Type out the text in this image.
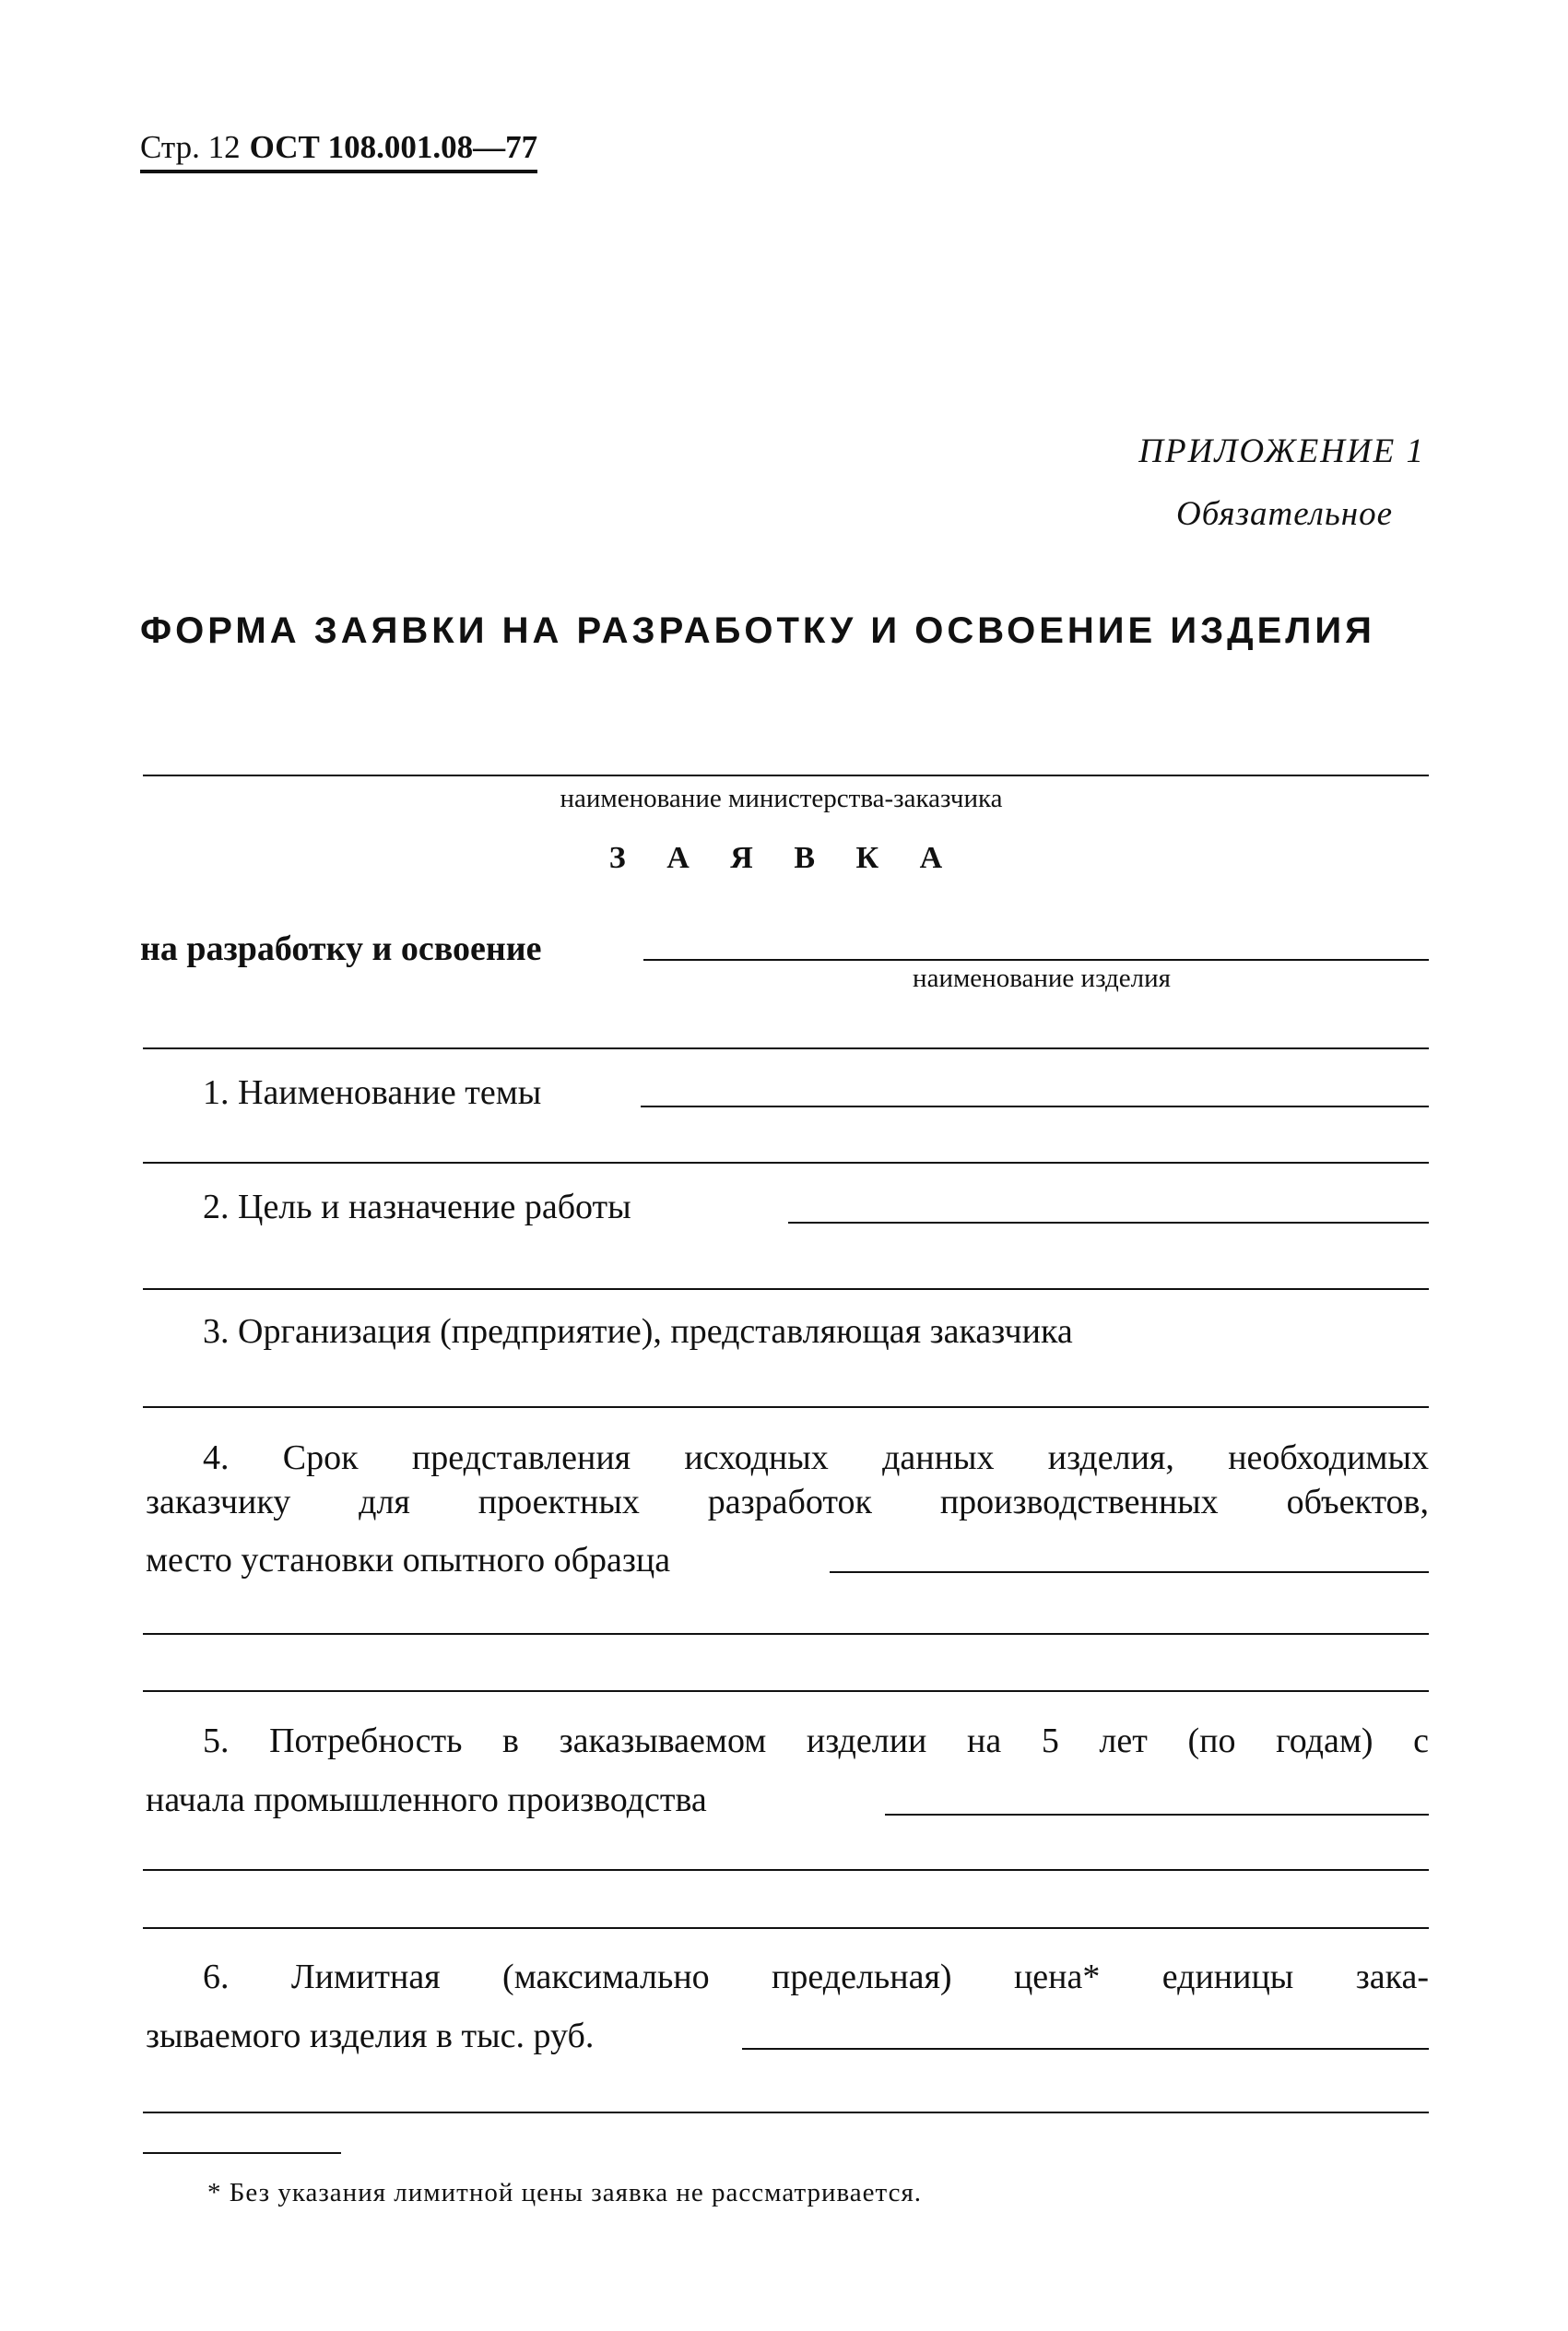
Стр. 12 ОСТ 108.001.08—77
ПРИЛОЖЕНИЕ 1
Обязательное
ФОРМА ЗАЯВКИ НА РАЗРАБОТКУ И ОСВОЕНИЕ ИЗДЕЛИЯ
наименование министерства-заказчика
З А Я В К А
на разработку и освоение
наименование изделия
1. Наименование темы
2. Цель и назначение работы
3. Организация (предприятие), представляющая заказчика
4. Срок представления исходных данных изделия, необходимых
заказчику для проектных разработок производственных объектов,
место установки опытного образца
5. Потребность в заказываемом изделии на 5 лет (по годам) с
начала промышленного производства
6. Лимитная (максимально предельная) цена* единицы зака-
зываемого изделия в тыс. руб.
* Без указания лимитной цены заявка не рассматривается.
